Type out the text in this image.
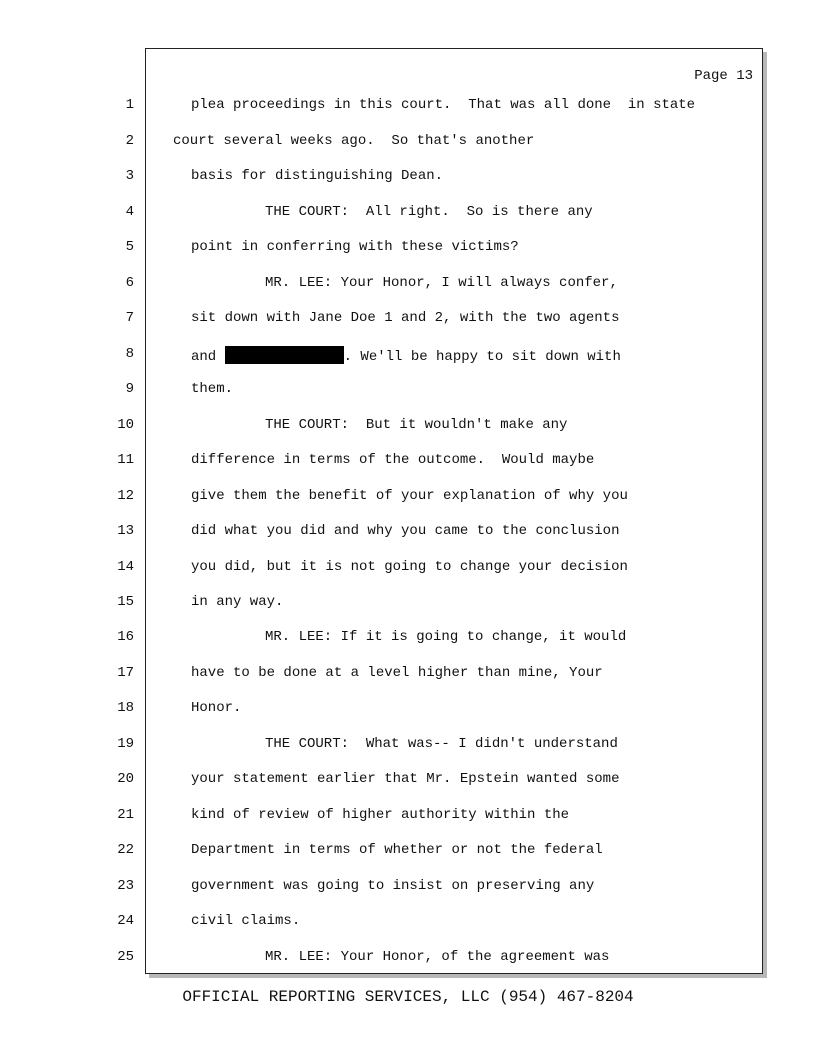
Page 13
1
2
3
4
5
6
7
8
9
10
11
12
13
14
15
16
17
18
19
20
21
22
23
24
25
plea proceedings in this court.  That was all done  in state
court several weeks ago.  So that's another
basis for distinguishing Dean.
THE COURT:  All right.  So is there any
point in conferring with these victims?
MR. LEE: Your Honor, I will always confer,
sit down with Jane Doe 1 and 2, with the two agents
and	. We'll be happy to sit down with
them.
THE COURT:  But it wouldn't make any
difference in terms of the outcome.  Would maybe
give them the benefit of your explanation of why you
did what you did and why you came to the conclusion
you did, but it is not going to change your decision
in any way.
MR. LEE: If it is going to change, it would
have to be done at a level higher than mine, Your
Honor.
THE COURT:  What was-- I didn't understand
your statement earlier that Mr. Epstein wanted some
kind of review of higher authority within the
Department in terms of whether or not the federal
government was going to insist on preserving any
civil claims.
MR. LEE: Your Honor, of the agreement was
OFFICIAL REPORTING SERVICES, LLC (954) 467-8204
